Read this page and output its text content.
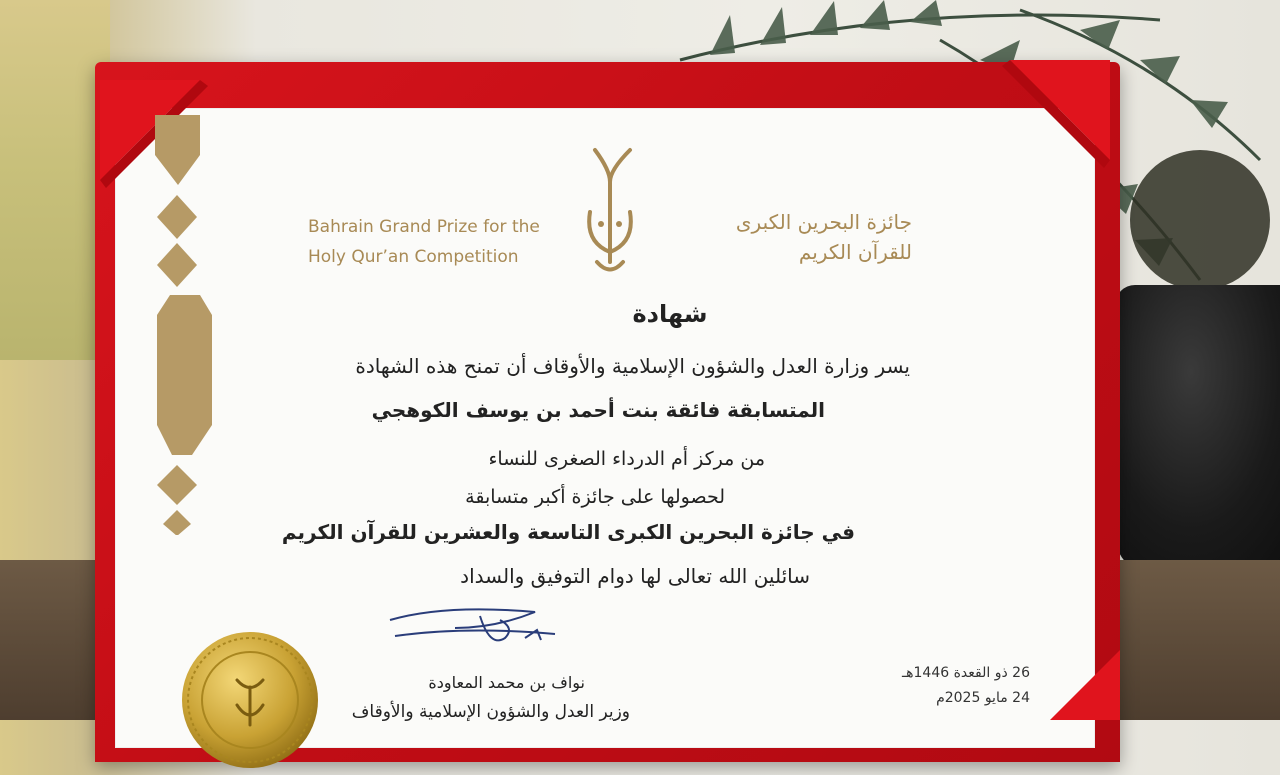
Bahrain Grand Prize for the
Holy Qur’an Competition

جائزة البحرين الكبرى
للقرآن الكريم

شهادة

يسر وزارة العدل والشؤون الإسلامية والأوقاف أن تمنح هذه الشهادة

المتسابقة فائقة بنت أحمد بن يوسف الكوهجي

من مركز أم الدرداء الصغرى للنساء

لحصولها على جائزة أكبر متسابقة

في جائزة البحرين الكبرى التاسعة والعشرين للقرآن الكريم

سائلين الله تعالى لها دوام التوفيق والسداد

نواف بن محمد المعاودة

وزير العدل والشؤون الإسلامية والأوقاف

26 ذو القعدة 1446هـ

24 مايو 2025م
